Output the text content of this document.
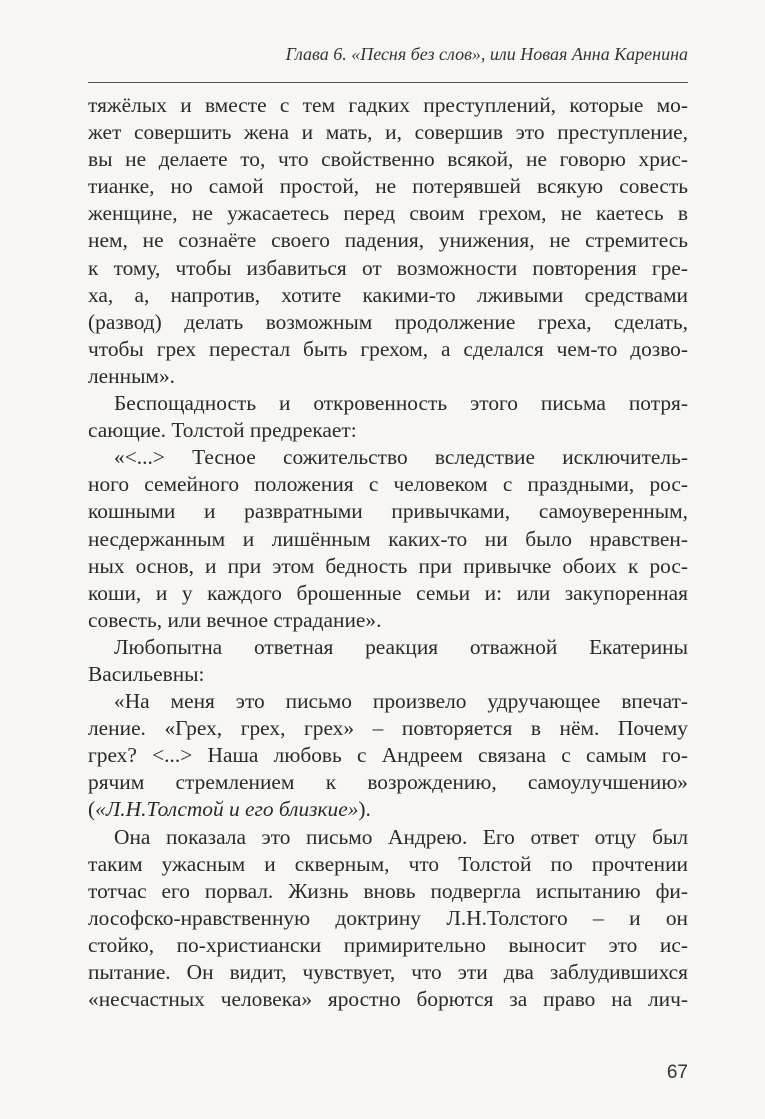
Глава 6. «Песня без слов», или Новая Анна Каренина
тяжёлых и вместе с тем гадких преступлений, которые мо-
жет совершить жена и мать, и, совершив это преступление,
вы не делаете то, что свойственно всякой, не говорю хрис-
тианке, но самой простой, не потерявшей всякую совесть
женщине, не ужасаетесь перед своим грехом, не каетесь в
нем, не сознаёте своего падения, унижения, не стремитесь
к тому, чтобы избавиться от возможности повторения гре-
ха, а, напротив, хотите какими-то лживыми средствами
(развод) делать возможным продолжение греха, сделать,
чтобы грех перестал быть грехом, а сделался чем-то дозво-
ленным».
Беспощадность и откровенность этого письма потря-
сающие. Толстой предрекает:
«<...> Тесное сожительство вследствие исключитель-
ного семейного положения с человеком с праздными, рос-
кошными и развратными привычками, самоуверенным,
несдержанным и лишённым каких-то ни было нравствен-
ных основ, и при этом бедность при привычке обоих к рос-
коши, и у каждого брошенные семьи и: или закупоренная
совесть, или вечное страдание».
Любопытна ответная реакция отважной Екатерины
Васильевны:
«На меня это письмо произвело удручающее впечат-
ление. «Грех, грех, грех» – повторяется в нём. Почему
грех? <...> Наша любовь с Андреем связана с самым го-
рячим стремлением к возрождению, самоулучшению»
(«Л.Н.Толстой и его близкие»).
Она показала это письмо Андрею. Его ответ отцу был
таким ужасным и скверным, что Толстой по прочтении
тотчас его порвал. Жизнь вновь подвергла испытанию фи-
лософско-нравственную доктрину Л.Н.Толстого – и он
стойко, по-христиански примирительно выносит это ис-
пытание. Он видит, чувствует, что эти два заблудившихся
«несчастных человека» яростно борются за право на лич-
67
